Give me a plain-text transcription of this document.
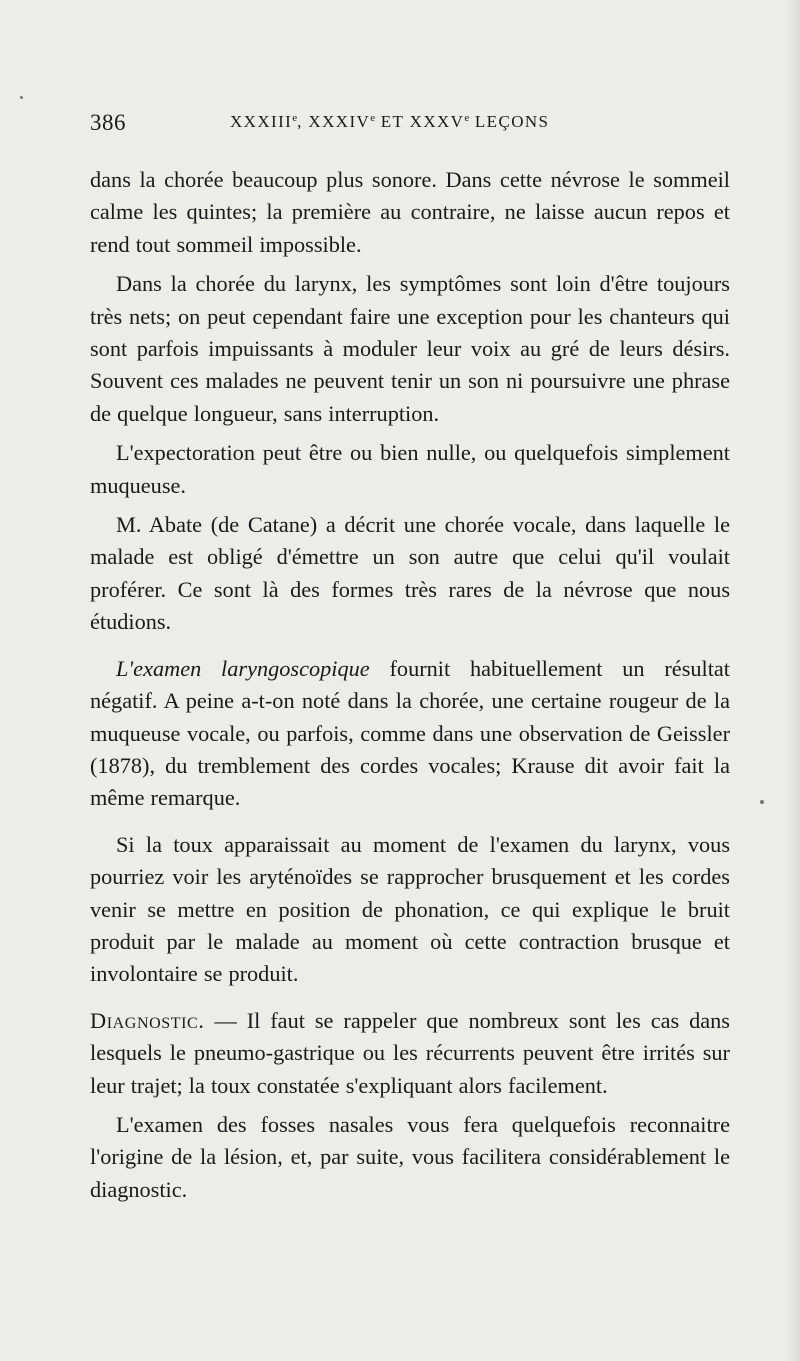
386	XXXIIIe, XXXIVe ET XXXVe LEÇONS

dans la chorée beaucoup plus sonore. Dans cette névrose le sommeil calme les quintes; la première au contraire, ne laisse aucun repos et rend tout sommeil impossible.

Dans la chorée du larynx, les symptômes sont loin d'être toujours très nets; on peut cependant faire une exception pour les chanteurs qui sont parfois impuissants à moduler leur voix au gré de leurs désirs. Souvent ces malades ne peuvent tenir un son ni poursuivre une phrase de quelque longueur, sans interruption.

L'expectoration peut être ou bien nulle, ou quelquefois simplement muqueuse.

M. Abate (de Catane) a décrit une chorée vocale, dans laquelle le malade est obligé d'émettre un son autre que celui qu'il voulait proférer. Ce sont là des formes très rares de la névrose que nous étudions.

L'examen laryngoscopique fournit habituellement un résultat négatif. A peine a-t-on noté dans la chorée, une certaine rougeur de la muqueuse vocale, ou parfois, comme dans une observation de Geissler (1878), du tremblement des cordes vocales; Krause dit avoir fait la même remarque.

Si la toux apparaissait au moment de l'examen du larynx, vous pourriez voir les aryténoïdes se rapprocher brusquement et les cordes venir se mettre en position de phonation, ce qui explique le bruit produit par le malade au moment où cette contraction brusque et involontaire se produit.

Diagnostic. — Il faut se rappeler que nombreux sont les cas dans lesquels le pneumo-gastrique ou les récurrents peuvent être irrités sur leur trajet; la toux constatée s'expliquant alors facilement.

L'examen des fosses nasales vous fera quelquefois reconnaitre l'origine de la lésion, et, par suite, vous facilitera considérablement le diagnostic.
